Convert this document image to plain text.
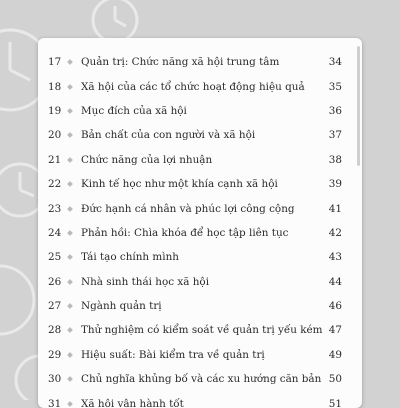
17	Quản trị: Chức năng xã hội trung tâm	34
18	Xã hội của các tổ chức hoạt động hiệu quả 35
19	Mục đích của xã hội	36
20	Bản chất của con người và xã hội	37
21	Chức năng của lợi nhuận	38
22	Kinh tế học như một khía cạnh xã hội	39
23	Đức hạnh cá nhân và phúc lợi công cộng	41
24	Phản hồi: Chìa khóa để học tập liên tục	42
25	Tái tạo chính mình	43
26	Nhà sinh thái học xã hội	44
27	Ngành quản trị	46
28	Thử nghiệm có kiểm soát về quản trị yếu kém 47
29	Hiệu suất: Bài kiểm tra về quản trị	49
30	Chủ nghĩa khủng bố và các xu hướng căn bản 50
31	Xã hội vận hành tốt	51
